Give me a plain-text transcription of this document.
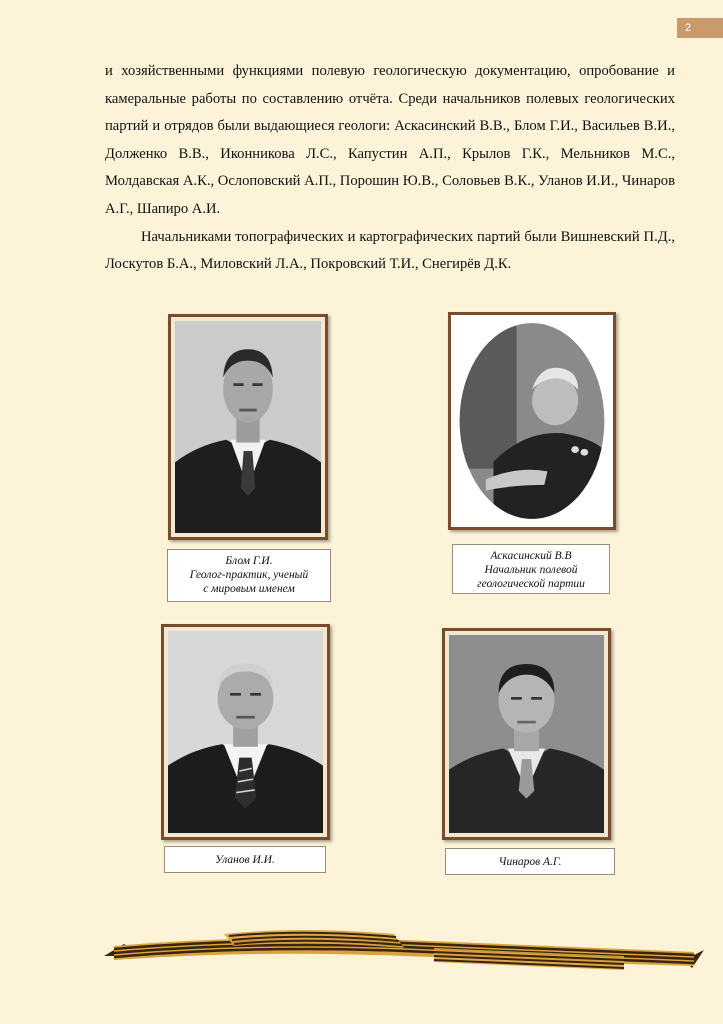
2

и хозяйственными функциями полевую геологическую документацию, опробование и камеральные работы по составлению отчёта. Среди начальников полевых геологических партий и отрядов были выдающиеся геологи: Аскасинский В.В., Блом Г.И., Васильев В.И., Долженко В.В., Иконникова Л.С., Капустин А.П., Крылов Г.К., Мельников М.С., Молдавская А.К., Ослоповский А.П., Порошин Ю.В., Соловьев В.К., Уланов И.И., Чинаров А.Г., Шапиро А.И.

Начальниками топографических и картографических партий были Вишневский П.Д., Лоскутов Б.А., Миловский Л.А., Покровский Т.И., Снегирёв Д.К.

Блом Г.И.
Геолог-практик, ученый
с мировым именем
Аскасинский В.В
Начальник полевой
геологической партии
Уланов И.И.	Чинаров А.Г.
